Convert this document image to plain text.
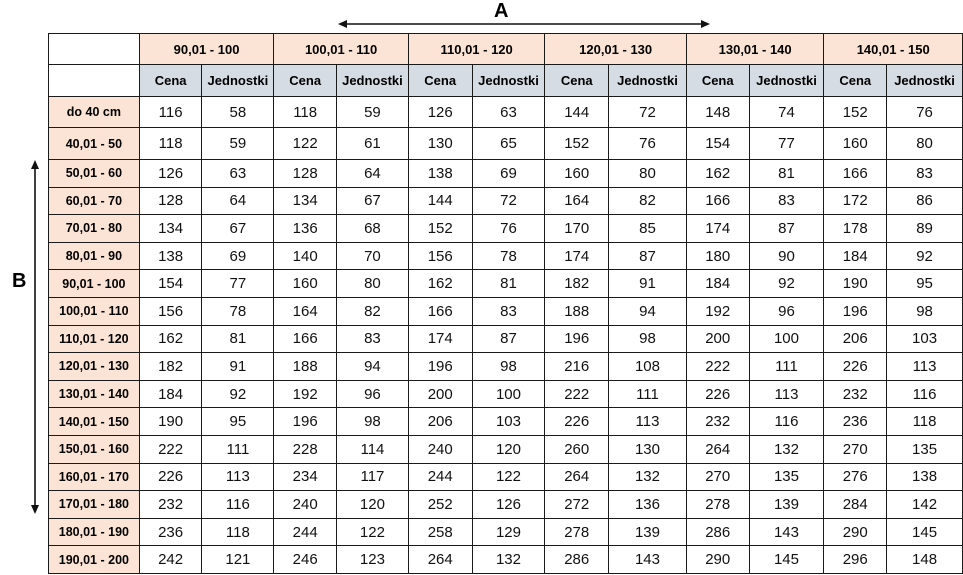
A
B
	90,01 - 100		100,01 - 110		110,01 - 120		120,01 - 130		130,01 - 140		140,01 - 150	
	Cena	Jednostki	Cena	Jednostki	Cena	Jednostki	Cena	Jednostki	Cena	Jednostki	Cena	Jednostki
do 40 cm	116	58	118	59	126	63	144	72	148	74	152	76
40,01 - 50	118	59	122	61	130	65	152	76	154	77	160	80
50,01 - 60	126	63	128	64	138	69	160	80	162	81	166	83
60,01 - 70	128	64	134	67	144	72	164	82	166	83	172	86
70,01 - 80	134	67	136	68	152	76	170	85	174	87	178	89
80,01 - 90	138	69	140	70	156	78	174	87	180	90	184	92
90,01 - 100	154	77	160	80	162	81	182	91	184	92	190	95
100,01 - 110	156	78	164	82	166	83	188	94	192	96	196	98
110,01 - 120	162	81	166	83	174	87	196	98	200	100	206	103
120,01 - 130	182	91	188	94	196	98	216	108	222	111	226	113
130,01 - 140	184	92	192	96	200	100	222	111	226	113	232	116
140,01 - 150	190	95	196	98	206	103	226	113	232	116	236	118
150,01 - 160	222	111	228	114	240	120	260	130	264	132	270	135
160,01 - 170	226	113	234	117	244	122	264	132	270	135	276	138
170,01 - 180	232	116	240	120	252	126	272	136	278	139	284	142
180,01 - 190	236	118	244	122	258	129	278	139	286	143	290	145
190,01 - 200	242	121	246	123	264	132	286	143	290	145	296	148
